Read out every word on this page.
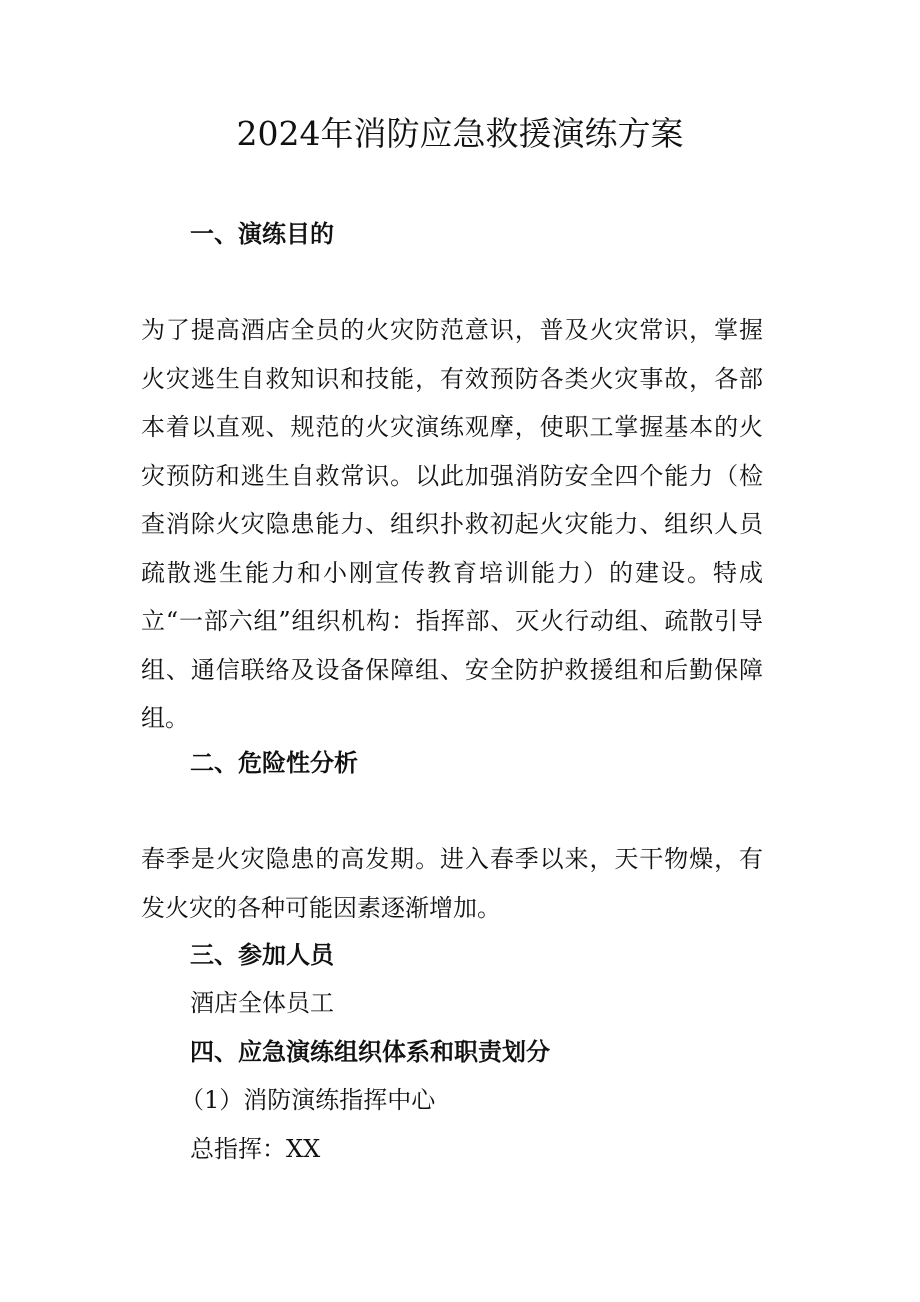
2024年消防应急救援演练方案
一、演练目的
为了提高酒店全员的火灾防范意识，普及火灾常识，掌握火灾逃生自救知识和技能，有效预防各类火灾事故，各部本着以直观、规范的火灾演练观摩，使职工掌握基本的火灾预防和逃生自救常识。以此加强消防安全四个能力（检查消除火灾隐患能力、组织扑救初起火灾能力、组织人员疏散逃生能力和小刚宣传教育培训能力）的建设。特成立“一部六组”组织机构：指挥部、灭火行动组、疏散引导组、通信联络及设备保障组、安全防护救援组和后勤保障组。
二、危险性分析
春季是火灾隐患的高发期。进入春季以来，天干物燥，有发火灾的各种可能因素逐渐增加。
三、参加人员
酒店全体员工
四、应急演练组织体系和职责划分
（1）消防演练指挥中心
总指挥：XX
